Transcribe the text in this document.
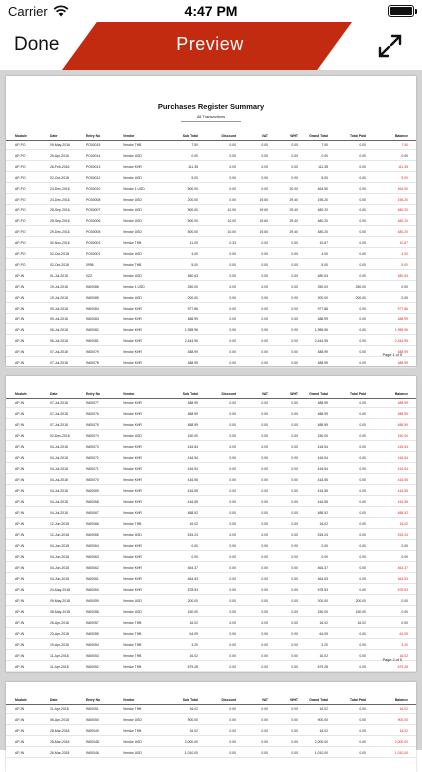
Carrier	4:47 PM
Done	Preview
Purchases Register Summary
All Transactions
Module	Date	Entry No	Vendor	Sub Total	Discount	VAT	WHT	Grand Total	Total Paid	Balance
AP-PO	09-May-2016	PO00015	Vendor THB	7.50	0.00	0.00	0.00	7.50	0.00	7.50
AP-PO	25-Apr-2016	PO00014	Vendor USD	0.00	0.00	0.00	0.00	0.00	0.00	0.00
AP-PO	26-Feb-2016	PO00013	Vendor KHR	111.35	0.00	0.00	0.00	111.35	0.00	111.35
AP-PO	02-Oct-2018	PO00012	Vendor USD	5.00	0.00	0.00	0.00	5.00	0.00	5.00
AP-PO	24-Dec-2016	PO00010	Vendor 1 USD	500.00	0.00	0.00	20.00	464.50	0.00	464.50
AP-PO	24-Dec-2016	PO00008	Vendor USD	200.00	0.00	19.60	29.40	196.20	0.00	196.20
AP-PO	28-Sep-2016	PO00007	Vendor USD	500.00	10.00	19.60	29.40	480.20	0.00	480.20
AP-PO	28-Sep-2016	PO00006	Vendor USD	500.00	10.00	19.60	29.40	480.20	0.00	480.20
AP-PO	29-Dec-2016	PO00005	Vendor USD	500.00	10.00	19.60	29.40	480.20	0.00	480.20
AP-PO	30-Nov-2016	PO00003	Vendor THB	11.00	0.33	0.00	0.00	10.67	0.00	10.67
AP-PO	02-Oct-2018	PO00001	Vendor USD	4.00	0.00	0.00	0.00	4.00	0.00	4.00
AP-PO	02-Oct-2018	0998	Vendor THB	5.00	0.00	0.00	0.00	5.00	0.00	5.00
AP-IN	01-Jul-2018	0ZZ	Vendor USD	480.63	0.00	0.00	0.00	480.63	0.00	480.63
AP-IN	19-Jul-2018	IN00086	Vendor 1 USD	250.00	0.00	0.00	0.00	250.00	250.00	0.00
AP-IN	19-Jul-2018	IN00085	Vendor USD	200.00	0.00	0.00	0.00	200.00	200.00	0.00
AP-IN	09-Jul-2018	IN00084	Vendor KHR	977.86	0.00	0.00	0.00	977.86	0.00	977.86
AP-IN	09-Jul-2018	IN00083	Vendor KHR	488.99	0.00	0.00	0.00	488.99	0.00	488.99
AP-IN	06-Jul-2018	IN00082	Vendor KHR	1,955.96	0.00	0.00	0.00	1,955.96	0.00	1,955.96
AP-IN	06-Jul-2018	IN00081	Vendor KHR	2,444.95	0.00	0.00	0.00	2,444.95	0.00	2,444.95
AP-IN	07-Jul-2018	IN00079	Vendor KHR	488.99	0.00	0.00	0.00	488.99	0.00	488.99
AP-IN	07-Jul-2018	IN00078	Vendor KHR	488.99	0.00	0.00	0.00	488.99	0.00	488.99
Page 1 of 5
Module	Date	Entry No	Vendor	Sub Total	Discount	VAT	WHT	Grand Total	Total Paid	Balance
AP-IN	07-Jul-2018	IN00077	Vendor KHR	488.99	0.00	0.00	0.00	488.99	0.00	488.99
AP-IN	07-Jul-2018	IN00076	Vendor KHR	488.99	0.00	0.00	0.00	488.99	0.00	488.99
AP-IN	07-Jul-2018	IN00075	Vendor KHR	488.99	0.00	0.00	0.00	488.99	0.00	488.99
AP-IN	02-Dec-2018	IN00074	Vendor USD	150.00	0.00	0.00	0.00	150.00	0.00	150.00
AP-IN	04-Jul-2018	IN00073	Vendor KHR	416.54	0.00	0.00	0.00	416.54	0.00	416.54
AP-IN	04-Jul-2018	IN00072	Vendor KHR	416.54	0.00	0.00	0.00	416.54	0.00	416.54
AP-IN	04-Jul-2018	IN00071	Vendor KHR	416.54	0.00	0.00	0.00	416.54	0.00	416.54
AP-IN	04-Jul-2018	IN00070	Vendor KHR	416.55	0.00	0.00	0.00	416.55	0.00	416.55
AP-IN	04-Jul-2018	IN00069	Vendor KHR	416.55	0.00	0.00	0.00	416.55	0.00	416.55
AP-IN	04-Jul-2018	IN00068	Vendor KHR	416.55	0.00	0.00	0.00	416.55	0.00	416.55
AP-IN	04-Jul-2018	IN00067	Vendor KHR	488.92	0.00	0.00	0.00	488.92	0.00	488.92
AP-IN	12-Jun-2018	IN00066	Vendor THB	16.02	0.00	0.00	0.00	16.02	0.00	16.02
AP-IN	12-Jun-2018	IN00065	Vendor USD	515.24	0.00	0.00	0.00	515.24	0.00	515.24
AP-IN	04-Jun-2018	IN00064	Vendor KHR	0.00	0.00	0.00	0.00	0.00	0.00	0.00
AP-IN	04-Jun-2018	IN00063	Vendor KHR	0.00	0.00	0.00	0.00	0.00	0.00	0.00
AP-IN	04-Jun-2018	IN00062	Vendor KHR	464.37	0.00	0.00	0.00	464.37	0.00	464.37
AP-IN	04-Jun-2018	IN00061	Vendor KHR	464.53	0.00	0.00	0.00	464.53	0.00	464.53
AP-IN	24-May-2018	IN00060	Vendor KHR	578.53	0.00	0.00	0.00	578.53	0.00	578.53
AP-IN	09-May-2018	IN00059	Vendor USD	200.00	0.00	0.00	0.00	200.00	200.00	0.00
AP-IN	08-May-2018	IN00058	Vendor USD	150.00	0.00	0.00	0.00	150.00	150.00	0.00
AP-IN	26-Apr-2018	IN00057	Vendor THB	16.02	0.00	0.00	0.00	16.02	16.02	0.00
AP-IN	23-Apr-2018	IN00055	Vendor THB	64.09	0.00	0.00	0.00	64.09	0.00	64.09
AP-IN	19-Apr-2018	IN00054	Vendor THB	3.20	0.00	0.00	0.00	3.20	0.00	3.20
AP-IN	11-Apr-2018	IN00053	Vendor THB	16.02	0.00	0.00	0.00	16.02	0.00	16.02
AP-IN	11-Apr-2018	IN00052	Vendor THB	679.28	0.00	0.00	0.00	679.28	0.00	679.28
Page 2 of 5
Module	Date	Entry No	Vendor	Sub Total	Discount	VAT	WHT	Grand Total	Total Paid	Balance
AP-IN	11-Apr-2018	IN00051	Vendor THB	16.02	0.00	0.00	0.00	16.02	0.00	16.02
AP-IN	06-Apr-2018	IN00050	Vendor USD	900.00	0.00	0.00	0.00	900.00	0.00	900.00
AP-IN	28-Mar-2018	IN00049	Vendor THB	16.02	0.00	0.00	0.00	16.02	0.00	16.02
AP-IN	28-Mar-2018	IN00048	Vendor USD	2,000.00	0.00	0.00	0.00	2,000.00	0.00	2,000.00
AP-IN	26-Mar-2018	IN00046	Vendor USD	1,010.00	0.00	0.00	0.00	1,010.00	0.00	1,010.00
